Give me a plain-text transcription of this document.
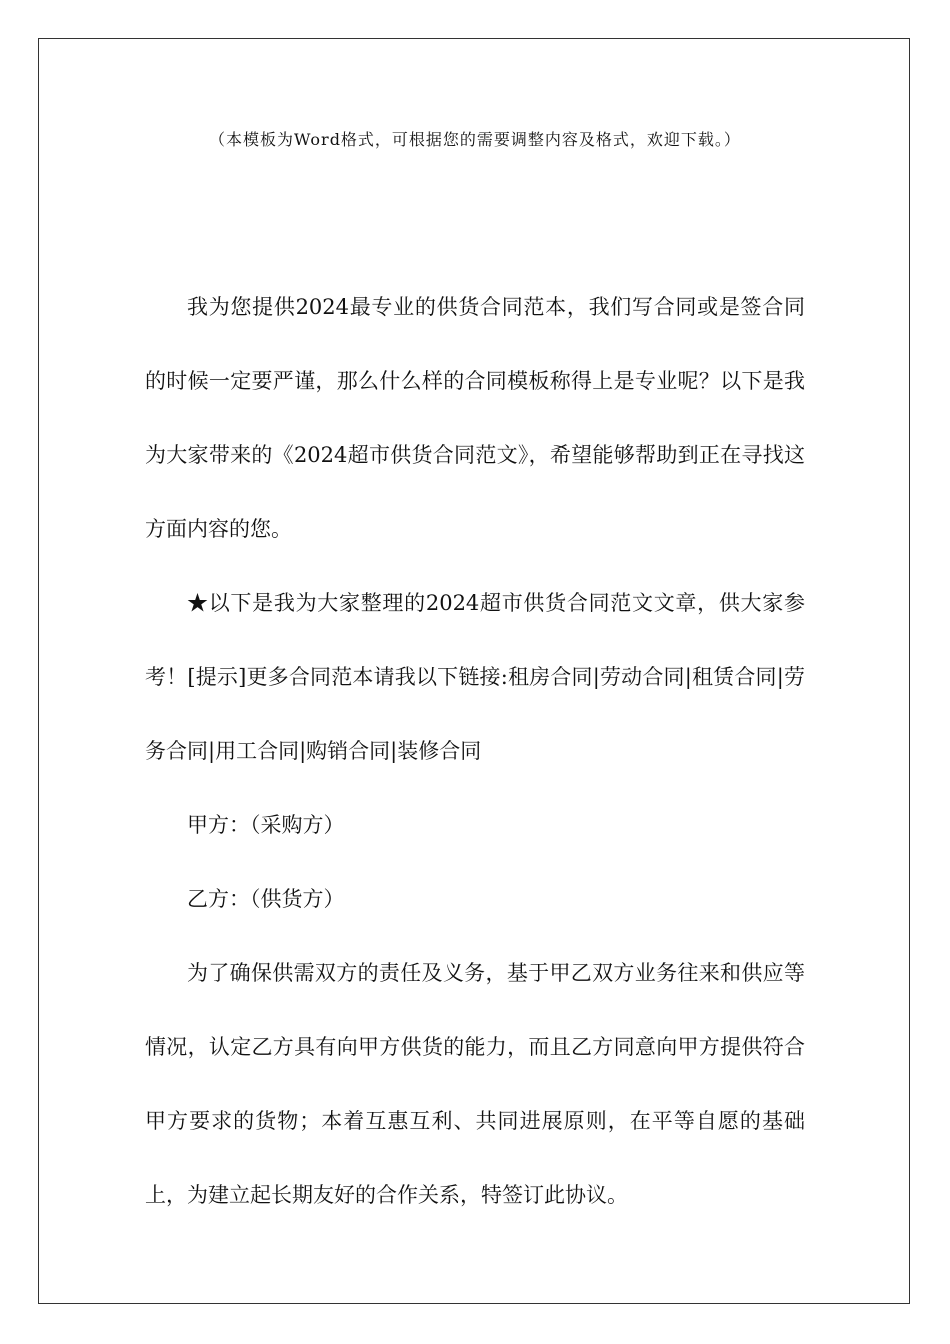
（本模板为Word格式，可根据您的需要调整内容及格式，欢迎下载。）

我为您提供2024最专业的供货合同范本，我们写合同或是签合同的时候一定要严谨，那么什么样的合同模板称得上是专业呢？以下是我为大家带来的《2024超市供货合同范文》，希望能够帮助到正在寻找这方面内容的您。

★以下是我为大家整理的2024超市供货合同范文文章，供大家参考！[提示]更多合同范本请我以下链接:租房合同|劳动合同|租赁合同|劳务合同|用工合同|购销合同|装修合同

甲方：（采购方）

乙方：（供货方）

为了确保供需双方的责任及义务，基于甲乙双方业务往来和供应等情况，认定乙方具有向甲方供货的能力，而且乙方同意向甲方提供符合甲方要求的货物；本着互惠互利、共同进展原则，在平等自愿的基础上，为建立起长期友好的合作关系，特签订此协议。
